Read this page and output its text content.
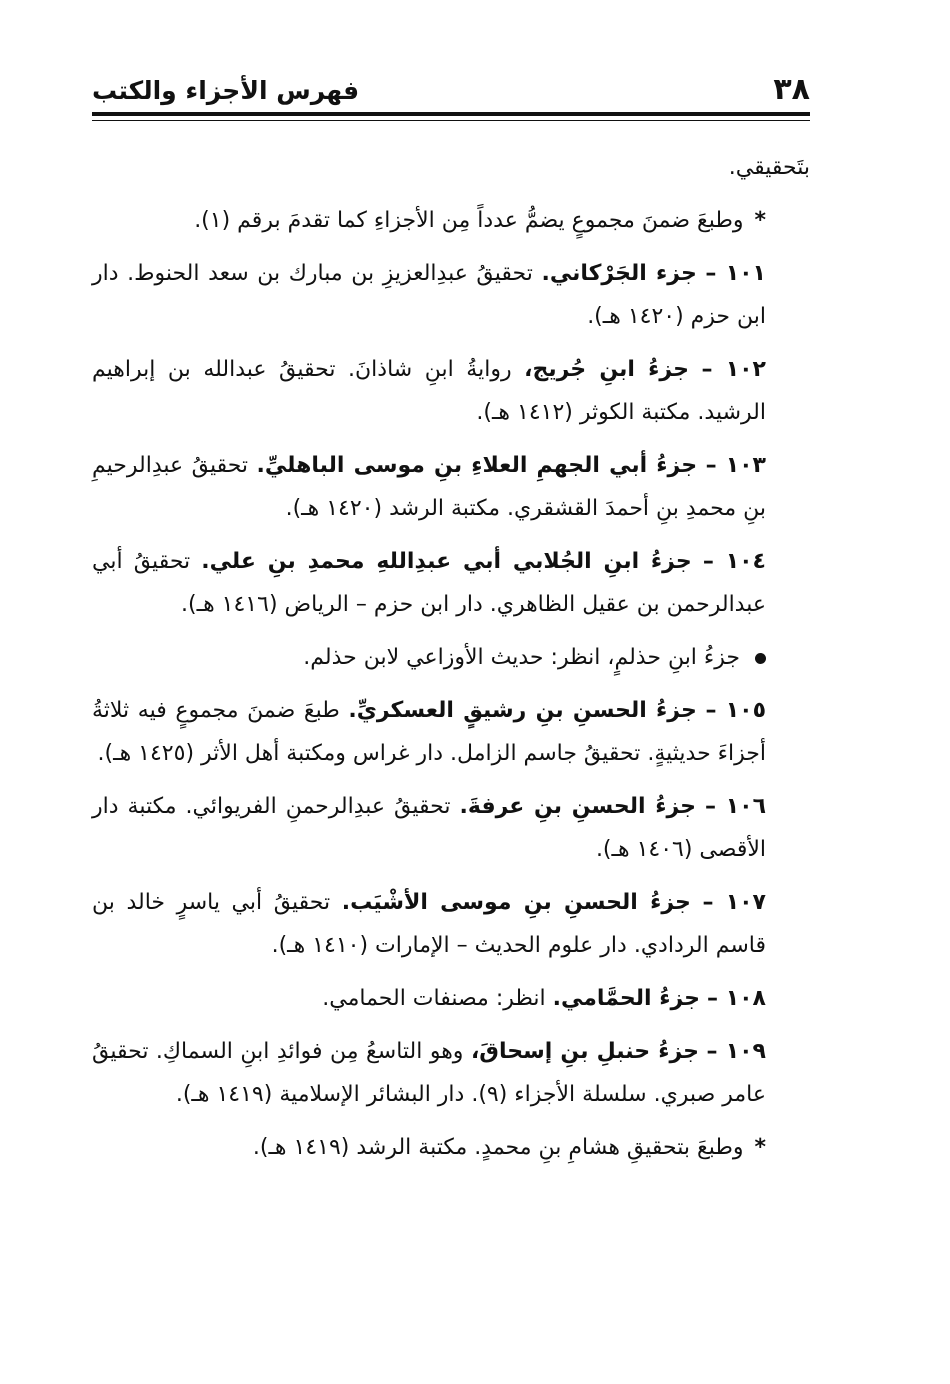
٣٨
فهرس الأجزاء والكتب

بتَحقيقي.

* وطبعَ ضمنَ مجموعٍ يضمُّ عدداً مِن الأجزاءِ كما تقدمَ برقم (١).

١٠١ – جزء الجَرْكاني. تحقيقُ عبدِالعزيزِ بن مبارك بن سعد الحنوط. دار ابن حزم (١٤٢٠ هـ).

١٠٢ – جزءُ ابنِ جُريج، روايةُ ابنِ شاذانَ. تحقيقُ عبدالله بن إبراهيم الرشيد. مكتبة الكوثر (١٤١٢ هـ).

١٠٣ – جزءُ أبي الجهمِ العلاءِ بنِ موسى الباهليِّ. تحقيقُ عبدِالرحيمِ بنِ محمدِ بنِ أحمدَ القشقري. مكتبة الرشد (١٤٢٠ هـ).

١٠٤ – جزءُ ابنِ الجُلابي أبي عبدِاللهِ محمدِ بنِ علي. تحقيقُ أبي عبدالرحمن بن عقيل الظاهري. دار ابن حزم – الرياض (١٤١٦ هـ).

جزءُ ابنِ حذلمٍ، انظر: حديث الأوزاعي لابن حذلم.

١٠٥ – جزءُ الحسنِ بنِ رشيقٍ العسكريِّ. طبعَ ضمنَ مجموعٍ فيه ثلاثةُ أجزاءَ حديثيةٍ. تحقيقُ جاسم الزامل. دار غراس ومكتبة أهل الأثر (١٤٢٥ هـ).

١٠٦ – جزءُ الحسنِ بنِ عرفةَ. تحقيقُ عبدِالرحمنِ الفريوائي. مكتبة دار الأقصى (١٤٠٦ هـ).

١٠٧ – جزءُ الحسنِ بنِ موسى الأشْيَب. تحقيقُ أبي ياسرٍ خالد بن قاسم الردادي. دار علوم الحديث – الإمارات (١٤١٠ هـ).

١٠٨ – جزءُ الحمَّامي. انظر: مصنفات الحمامي.

١٠٩ – جزءُ حنبلِ بنِ إسحاقَ، وهو التاسعُ مِن فوائدِ ابنِ السماكِ. تحقيقُ عامر صبري. سلسلة الأجزاء (٩). دار البشائر الإسلامية (١٤١٩ هـ).

* وطبعَ بتحقيقِ هشامِ بنِ محمدٍ. مكتبة الرشد (١٤١٩ هـ).
